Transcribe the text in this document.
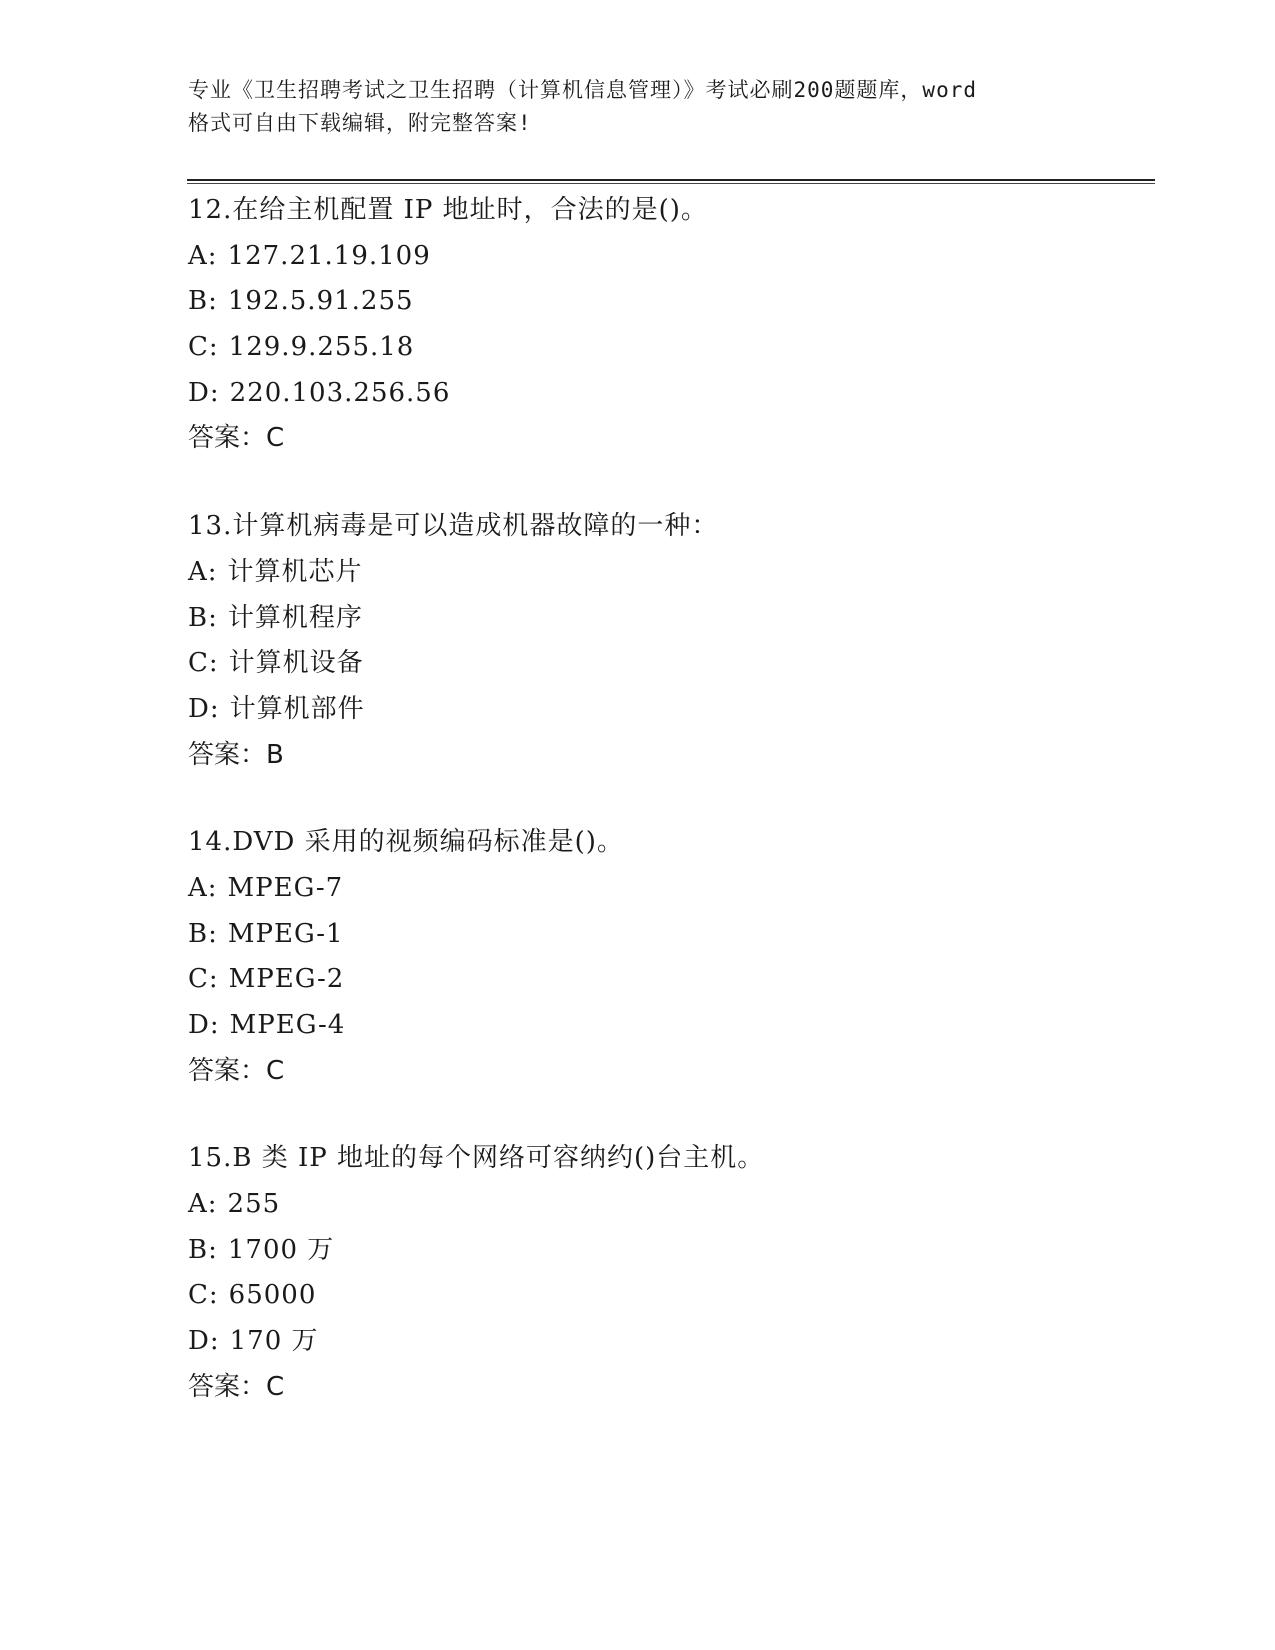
专业《卫生招聘考试之卫生招聘（计算机信息管理）》考试必刷200题题库，word
格式可自由下载编辑，附完整答案!
12.在给主机配置 IP 地址时，合法的是()。
A: 127.21.19.109
B: 192.5.91.255
C: 129.9.255.18
D: 220.103.256.56
答案：C
13.计算机病毒是可以造成机器故障的一种：
A: 计算机芯片
B: 计算机程序
C: 计算机设备
D: 计算机部件
答案：B
14.DVD 采用的视频编码标准是()。
A: MPEG-7
B: MPEG-1
C: MPEG-2
D: MPEG-4
答案：C
15.B 类 IP 地址的每个网络可容纳约()台主机。
A: 255
B: 1700 万
C: 65000
D: 170 万
答案：C
